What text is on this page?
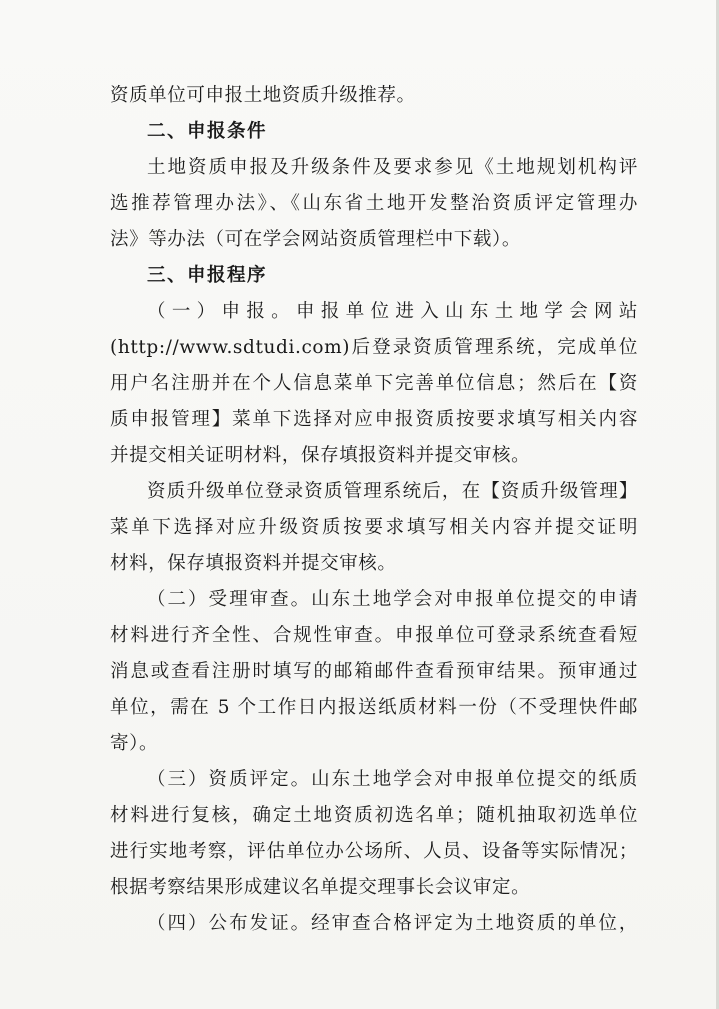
资质单位可申报土地资质升级推荐。
二、申报条件
土地资质申报及升级条件及要求参见《土地规划机构评
选推荐管理办法》、《山东省土地开发整治资质评定管理办
法》等办法（可在学会网站资质管理栏中下载）。
三、申报程序
（一）申报。申报单位进入山东土地学会网站
(http://www.sdtudi.com)后登录资质管理系统，完成单位
用户名注册并在个人信息菜单下完善单位信息；然后在【资
质申报管理】菜单下选择对应申报资质按要求填写相关内容
并提交相关证明材料，保存填报资料并提交审核。
资质升级单位登录资质管理系统后，在【资质升级管理】
菜单下选择对应升级资质按要求填写相关内容并提交证明
材料，保存填报资料并提交审核。
（二）受理审查。山东土地学会对申报单位提交的申请
材料进行齐全性、合规性审查。申报单位可登录系统查看短
消息或查看注册时填写的邮箱邮件查看预审结果。预审通过
单位，需在 5 个工作日内报送纸质材料一份（不受理快件邮
寄）。
（三）资质评定。山东土地学会对申报单位提交的纸质
材料进行复核，确定土地资质初选名单；随机抽取初选单位
进行实地考察，评估单位办公场所、人员、设备等实际情况；
根据考察结果形成建议名单提交理事长会议审定。
（四）公布发证。经审查合格评定为土地资质的单位，
